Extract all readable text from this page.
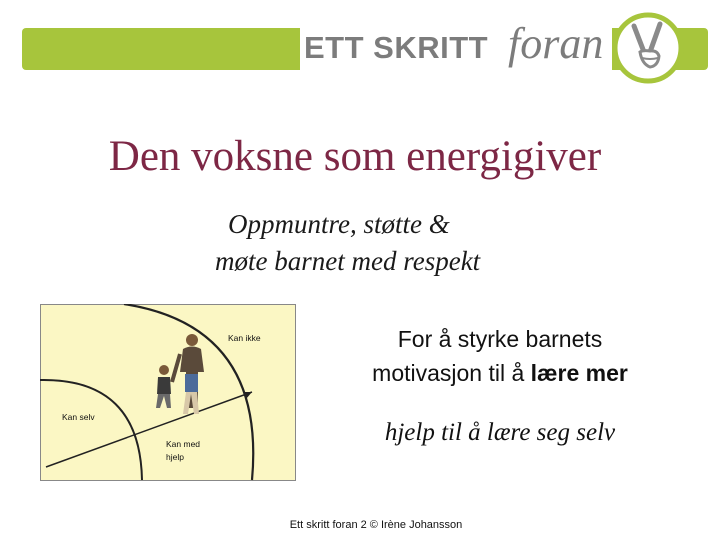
ETT SKRITT foran
Den voksne som energigiver
Oppmuntre, støtte &
møte barnet med respekt
Kan ikke
Kan selv
Kan med
hjelp
For å styrke barnets
motivasjon til å lære mer
hjelp til å lære seg selv
Ett skritt foran 2 © Irène Johansson
